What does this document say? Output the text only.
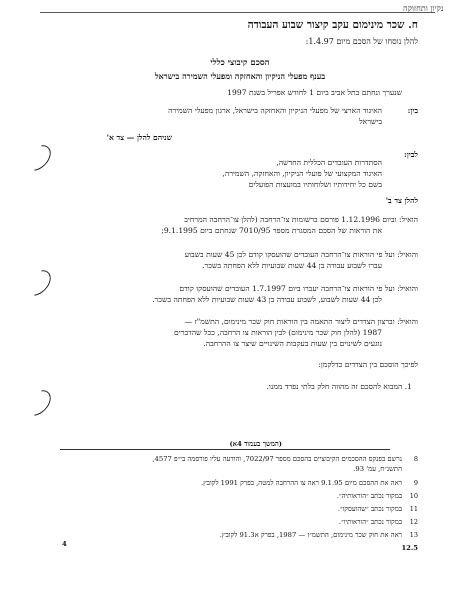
נקיון ותחזוקה
ח. שכר מינימום עקב קיצור שבוע העבודה
להלן נוסחו של הסכם מיום 1.4.97:
הסכם קיבוצי כללי
בענף מפעלי הניקיון והאחזקה ומפעלי השמירה בישראל
שנערך ונחתם בתל אביב ביום 1 לחודש אפריל בשנת 1997
בין:
האיגוד הארצי של מפעלי הניקיון והאחזקה בישראל, ארגון מפעלי השמירה
בישראל
שניהם להלן — צד א'
לבין:
הסתדרות העובדים הכללית החדשה,
האיגוד המקצועי של פועלי הניקיון, והאחזקה, השמירה,
בשם כל יחידותיו ושלוחותיו במועצות הפועלים
להלן צד ב'
הואיל: וביום 1.12.1996 פורסם ברשומות צו־הרחבה (להלן צו־הרחבה המרחיב
את הוראות של הסכם המסגרת מספר 7010/95 שנחתם ביום 9.1.1995;
והואיל: ועל פי הוראות צו־הרחבה העובדים שהועסקו קודם לכן 45 שעות בשבוע
עברו לשבוע עבודה בן 44 שעות שבועיות ללא הפחתה בשכר.
והואיל: ועל פי הוראות צו־הרחבה יעברו ביום 1.7.1997 העובדים שהועסקו קודם
לכן 44 שעות לשבוע, לשבוע עבודה בן 43 שעות שבועיות ללא הפחתה בשכר.
והואיל: וברצון הצדדים ליצור התאמה בין הוראות חוק שכר מינימום, התשמ"ז —
1987 (להלן חוק שכר מינימום) לבין הוראות צו הרחבה, ככל שהדברים
נוגעים לשינוים בין שעות בעקבות השינויים שיצר צו ההרחבה.
לפיכך הוסכם בין הצדדים כדלקמן:
1. המבוא להסכם זה מהווה חלק בלתי נפרד ממנו.
(המשך בעמוד 4א)
8
נרשם בפנקס ההסכמים הקיבוציים בהסכם מספר 7022/97, והודעה עליו פורסמה בי״פ 4577,
התשנ״ח, עמ' 93.
9
ראה את ההסכם מיום 9.1.95 ראה צו ההרחבה למטה, בפרק 1991 לקובץ.
10
במקור נכתב ״הוראותיה״.
11
במקור נכתב ״שהועסקו״.
12
במקור נכתב ״הוראותיו״.
13
ראה את חוק שכר מינימום, התשמ״ז — 1987, בפרק א91.3 לקובץ.
4	12.5
